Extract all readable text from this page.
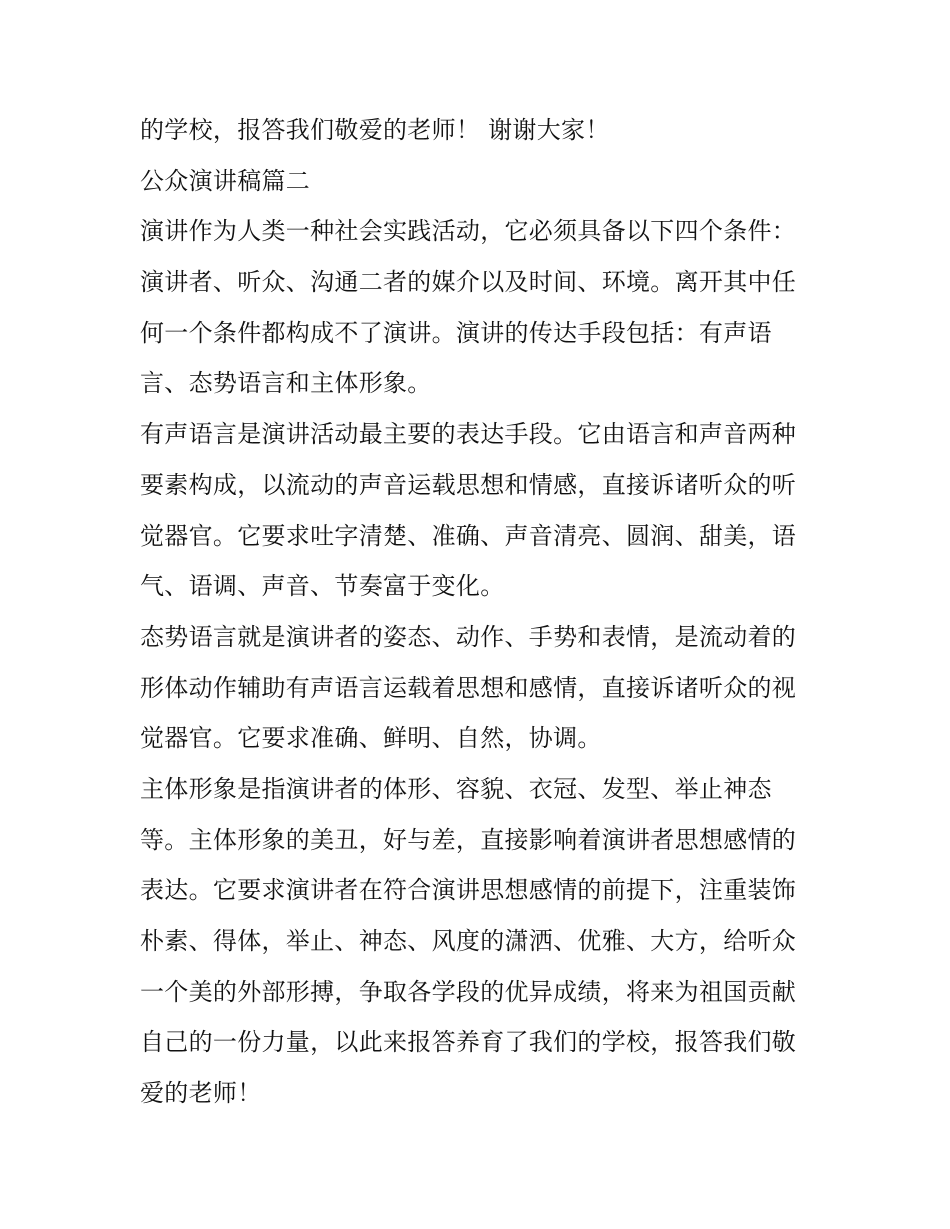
的学校，报答我们敬爱的老师！ 谢谢大家！
公众演讲稿篇二
演讲作为人类一种社会实践活动，它必须具备以下四个条件：
演讲者、听众、沟通二者的媒介以及时间、环境。离开其中任
何一个条件都构成不了演讲。演讲的传达手段包括：有声语
言、态势语言和主体形象。
有声语言是演讲活动最主要的表达手段。它由语言和声音两种
要素构成，以流动的声音运载思想和情感，直接诉诸听众的听
觉器官。它要求吐字清楚、准确、声音清亮、圆润、甜美，语
气、语调、声音、节奏富于变化。
态势语言就是演讲者的姿态、动作、手势和表情，是流动着的
形体动作辅助有声语言运载着思想和感情，直接诉诸听众的视
觉器官。它要求准确、鲜明、自然，协调。
主体形象是指演讲者的体形、容貌、衣冠、发型、举止神态
等。主体形象的美丑，好与差，直接影响着演讲者思想感情的
表达。它要求演讲者在符合演讲思想感情的前提下，注重装饰
朴素、得体，举止、神态、风度的潇洒、优雅、大方，给听众
一个美的外部形搏，争取各学段的优异成绩，将来为祖国贡献
自己的一份力量，以此来报答养育了我们的学校，报答我们敬
爱的老师！
